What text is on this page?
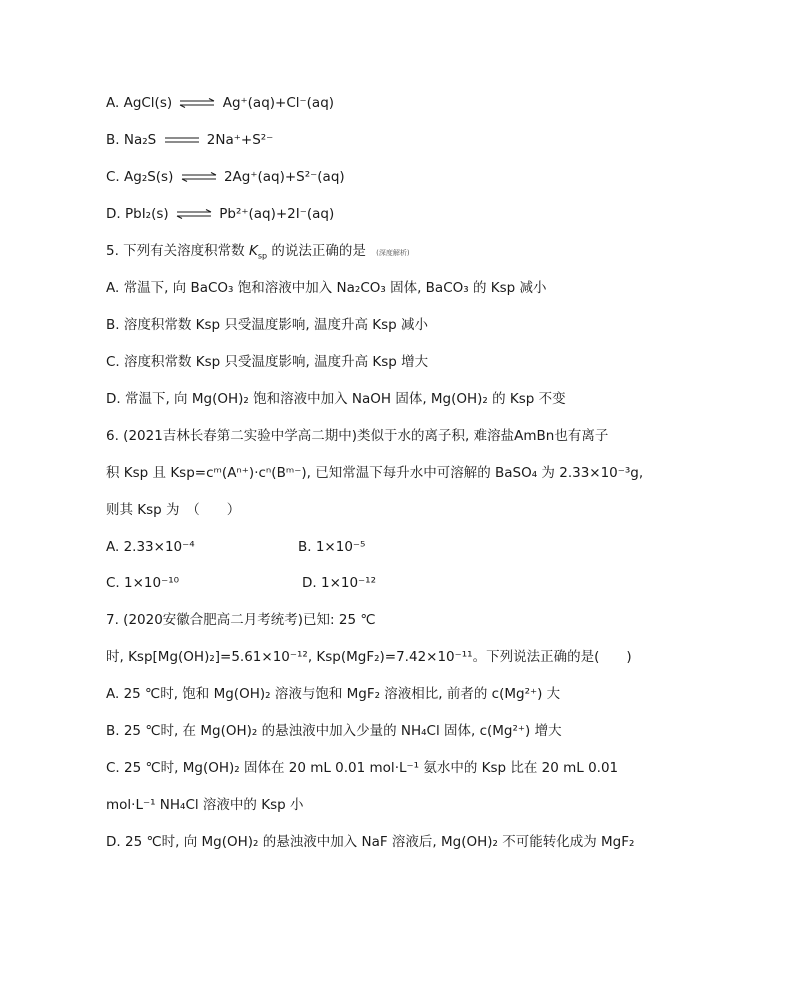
A. AgCl(s) ⇌ Ag⁺(aq)+Cl⁻(aq)
B. Na₂S	2Na⁺+S²⁻
C. Ag₂S(s) ⇌ 2Ag⁺(aq)+S²⁻(aq)
D. PbI₂(s) ⇌ Pb²⁺(aq)+2I⁻(aq)
5. 下列有关溶度积常数 $K_{sp}$ 的说法正确的是 (深度解析)
A. 常温下, 向 BaCO₃ 饱和溶液中加入 Na₂CO₃ 固体, BaCO₃ 的 Ksp 减小
B. 溶度积常数 Ksp 只受温度影响, 温度升高 Ksp 减小
C. 溶度积常数 Ksp 只受温度影响, 温度升高 Ksp 增大
D. 常温下, 向 Mg(OH)₂ 饱和溶液中加入 NaOH 固体, Mg(OH)₂ 的 Ksp 不变
6. (2021吉林长春第二实验中学高二期中)类似于水的离子积, 难溶盐AmBn也有离子
积 Ksp 且 Ksp=cᵐ(Aⁿ⁺)·cⁿ(Bᵐ⁻), 已知常温下每升水中可溶解的 BaSO₄ 为 2.33×10⁻³g,
则其 Ksp 为　（　　）
A. 2.33×10⁻⁴	B. 1×10⁻⁵
C. 1×10⁻¹⁰	D. 1×10⁻¹²
7. (2020安徽合肥高二月考统考)已知: 25 ℃
时, Ksp[Mg(OH)₂]=5.61×10⁻¹², Ksp(MgF₂)=7.42×10⁻¹¹。下列说法正确的是(　　)
A. 25 ℃时, 饱和 Mg(OH)₂ 溶液与饱和 MgF₂ 溶液相比, 前者的 c(Mg²⁺) 大
B. 25 ℃时, 在 Mg(OH)₂ 的悬浊液中加入少量的 NH₄Cl 固体, c(Mg²⁺) 增大
C. 25 ℃时, Mg(OH)₂ 固体在 20 mL 0.01 mol·L⁻¹ 氨水中的 Ksp 比在 20 mL 0.01
mol·L⁻¹ NH₄Cl 溶液中的 Ksp 小
D. 25 ℃时, 向 Mg(OH)₂ 的悬浊液中加入 NaF 溶液后, Mg(OH)₂ 不可能转化成为 MgF₂
